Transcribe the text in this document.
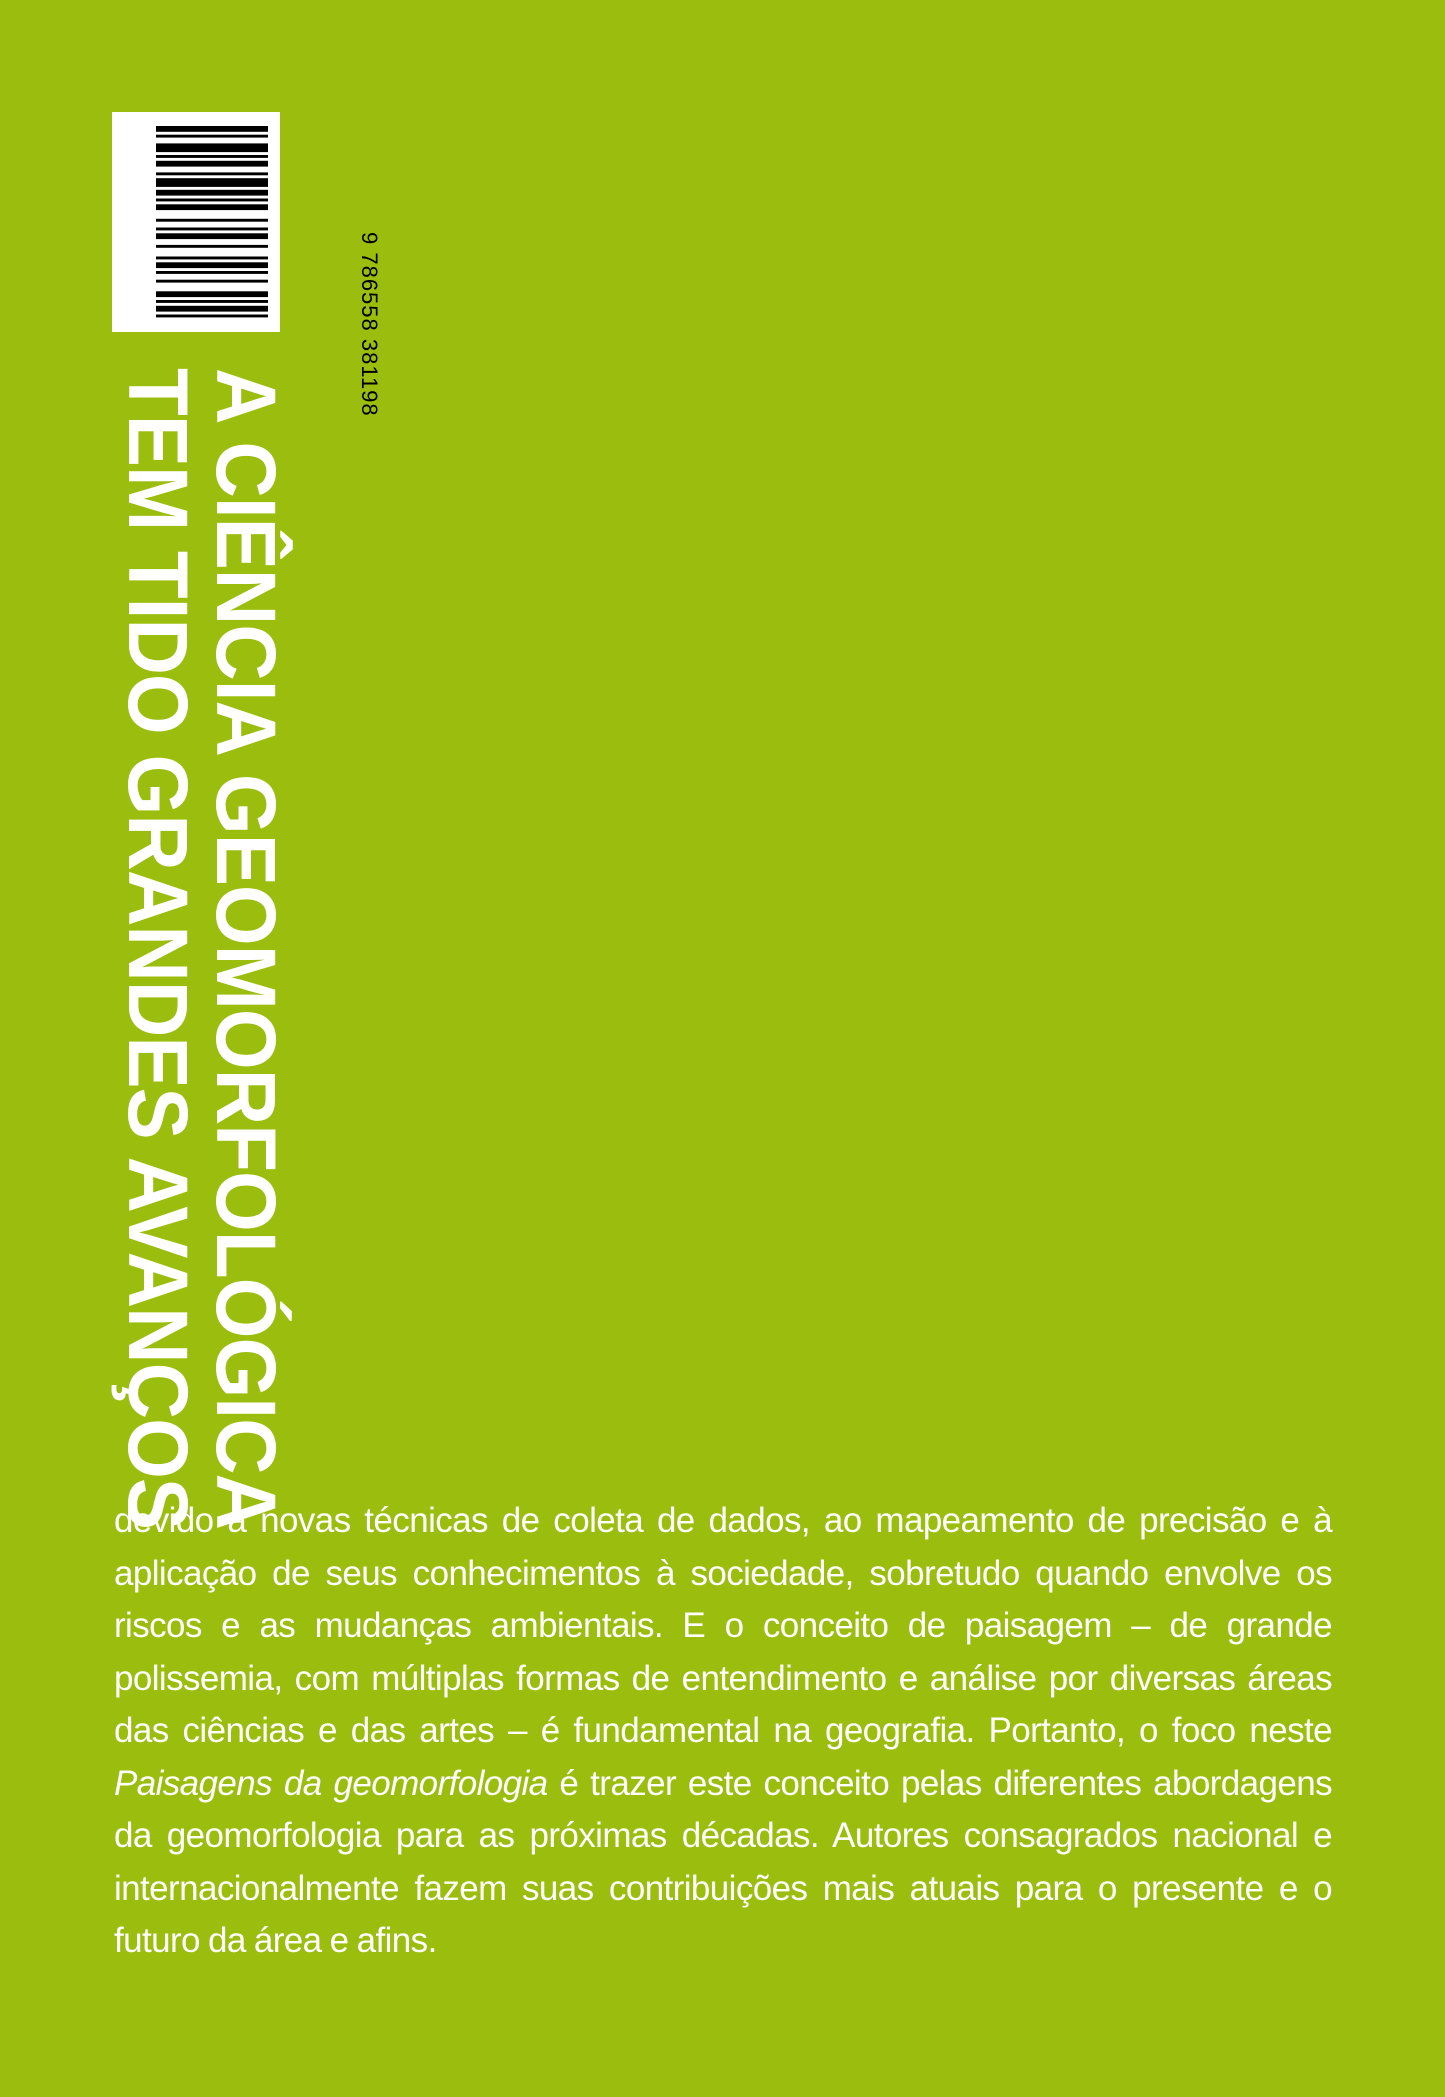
9 786558 381198
A CIÊNCIA GEOMORFOLÓGICA
TEM TIDO GRANDES AVANÇOS

devido a novas técnicas de coleta de dados, ao mapeamento de precisão e à aplicação de seus conhecimentos à sociedade, sobretudo quando envolve os riscos e as mudanças ambientais. E o conceito de paisagem – de grande polissemia, com múltiplas formas de entendimento e análise por diversas áreas das ciências e das artes – é fundamental na geografia. Portanto, o foco neste Paisagens da geomorfologia é trazer este conceito pelas diferentes abordagens da geomorfologia para as próximas décadas. Autores consagrados nacional e internacionalmente fazem suas contribuições mais atuais para o presente e o futuro da área e afins.
